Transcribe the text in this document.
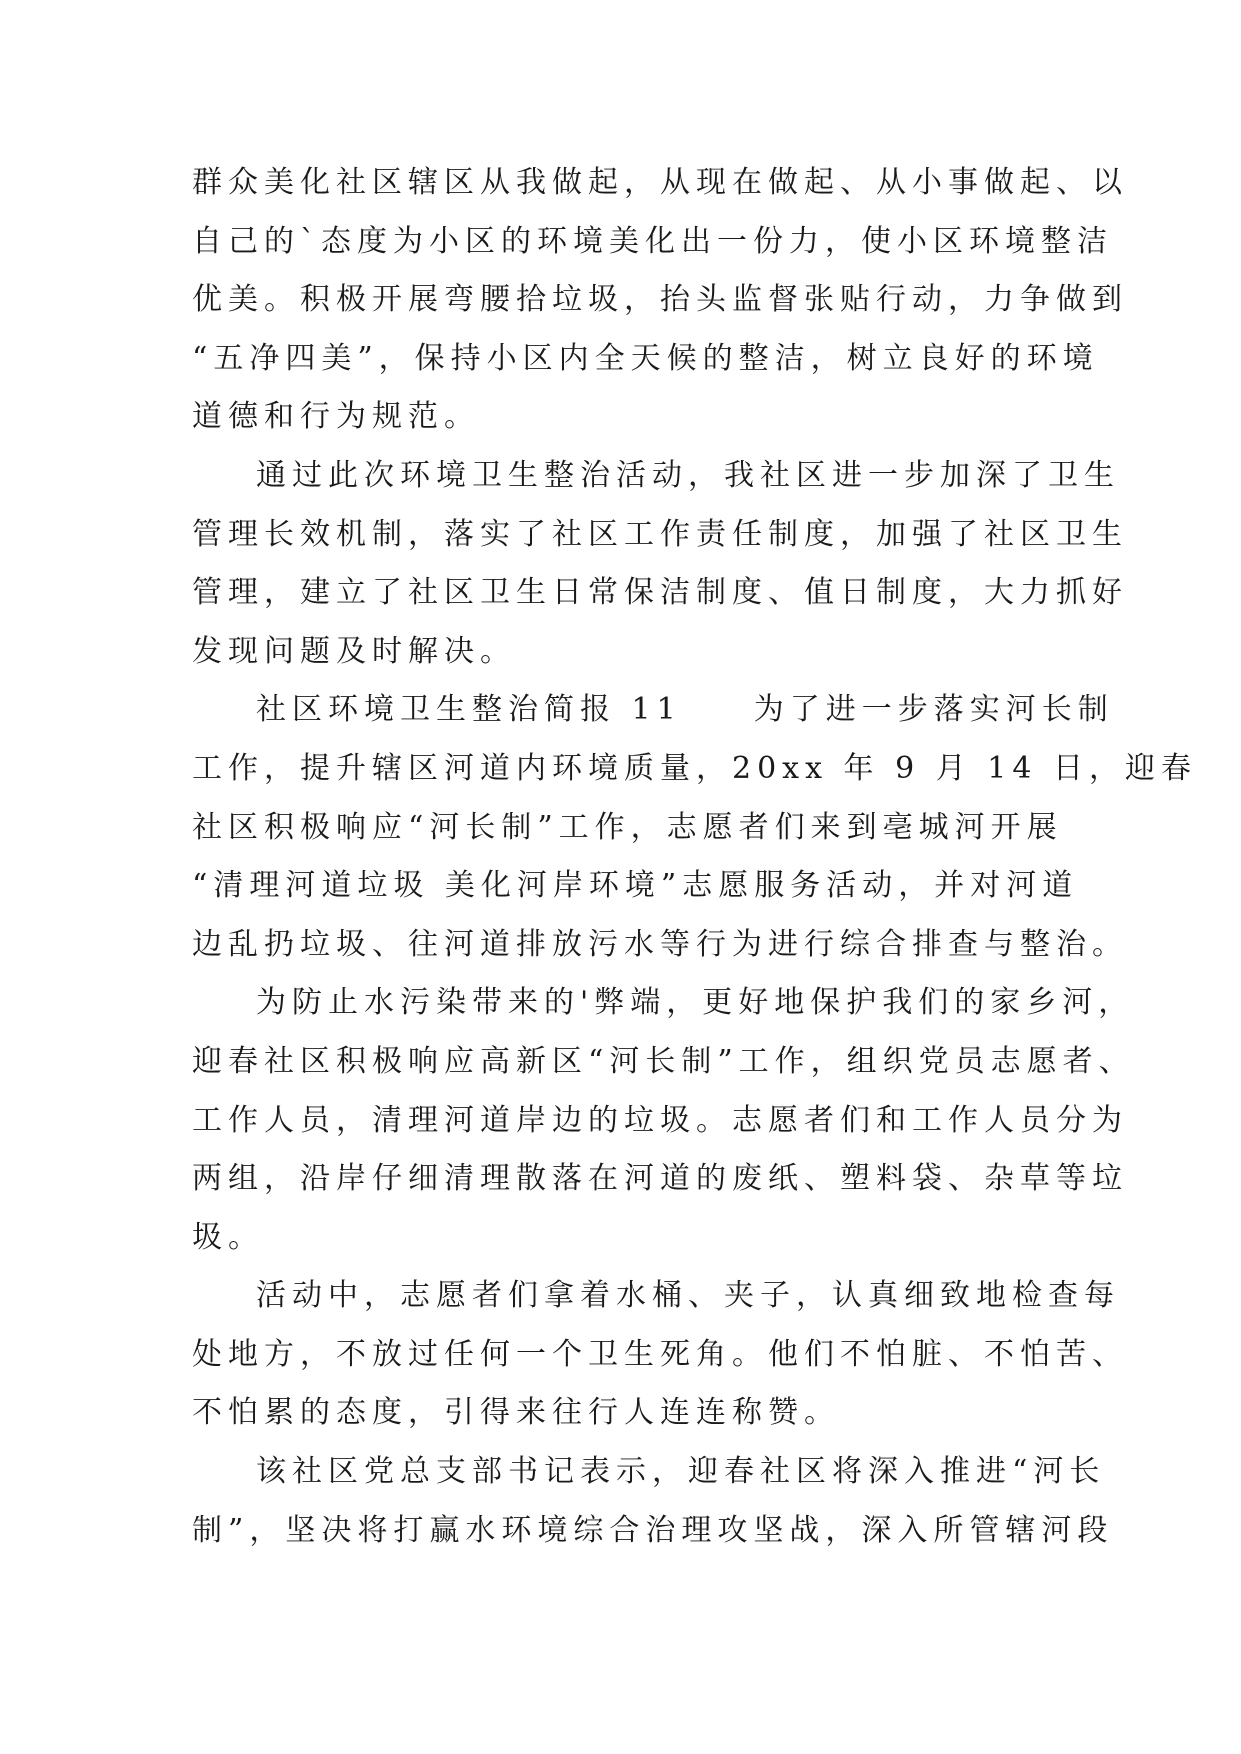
群众美化社区辖区从我做起，从现在做起、从小事做起、以
自己的`态度为小区的环境美化出一份力，使小区环境整洁
优美。积极开展弯腰拾垃圾，抬头监督张贴行动，力争做到
“五净四美”，保持小区内全天候的整洁，树立良好的环境
道德和行为规范。
通过此次环境卫生整治活动，我社区进一步加深了卫生
管理长效机制，落实了社区工作责任制度，加强了社区卫生
管理，建立了社区卫生日常保洁制度、值日制度，大力抓好
发现问题及时解决。
社区环境卫生整治简报 11　　为了进一步落实河长制
工作，提升辖区河道内环境质量，20xx 年 9 月 14 日，迎春
社区积极响应“河长制”工作，志愿者们来到亳城河开展
“清理河道垃圾 美化河岸环境”志愿服务活动，并对河道
边乱扔垃圾、往河道排放污水等行为进行综合排查与整治。
为防止水污染带来的'弊端，更好地保护我们的家乡河，
迎春社区积极响应高新区“河长制”工作，组织党员志愿者、
工作人员，清理河道岸边的垃圾。志愿者们和工作人员分为
两组，沿岸仔细清理散落在河道的废纸、塑料袋、杂草等垃
圾。
活动中，志愿者们拿着水桶、夹子，认真细致地检查每
处地方，不放过任何一个卫生死角。他们不怕脏、不怕苦、
不怕累的态度，引得来往行人连连称赞。
该社区党总支部书记表示，迎春社区将深入推进“河长
制”，坚决将打赢水环境综合治理攻坚战，深入所管辖河段
